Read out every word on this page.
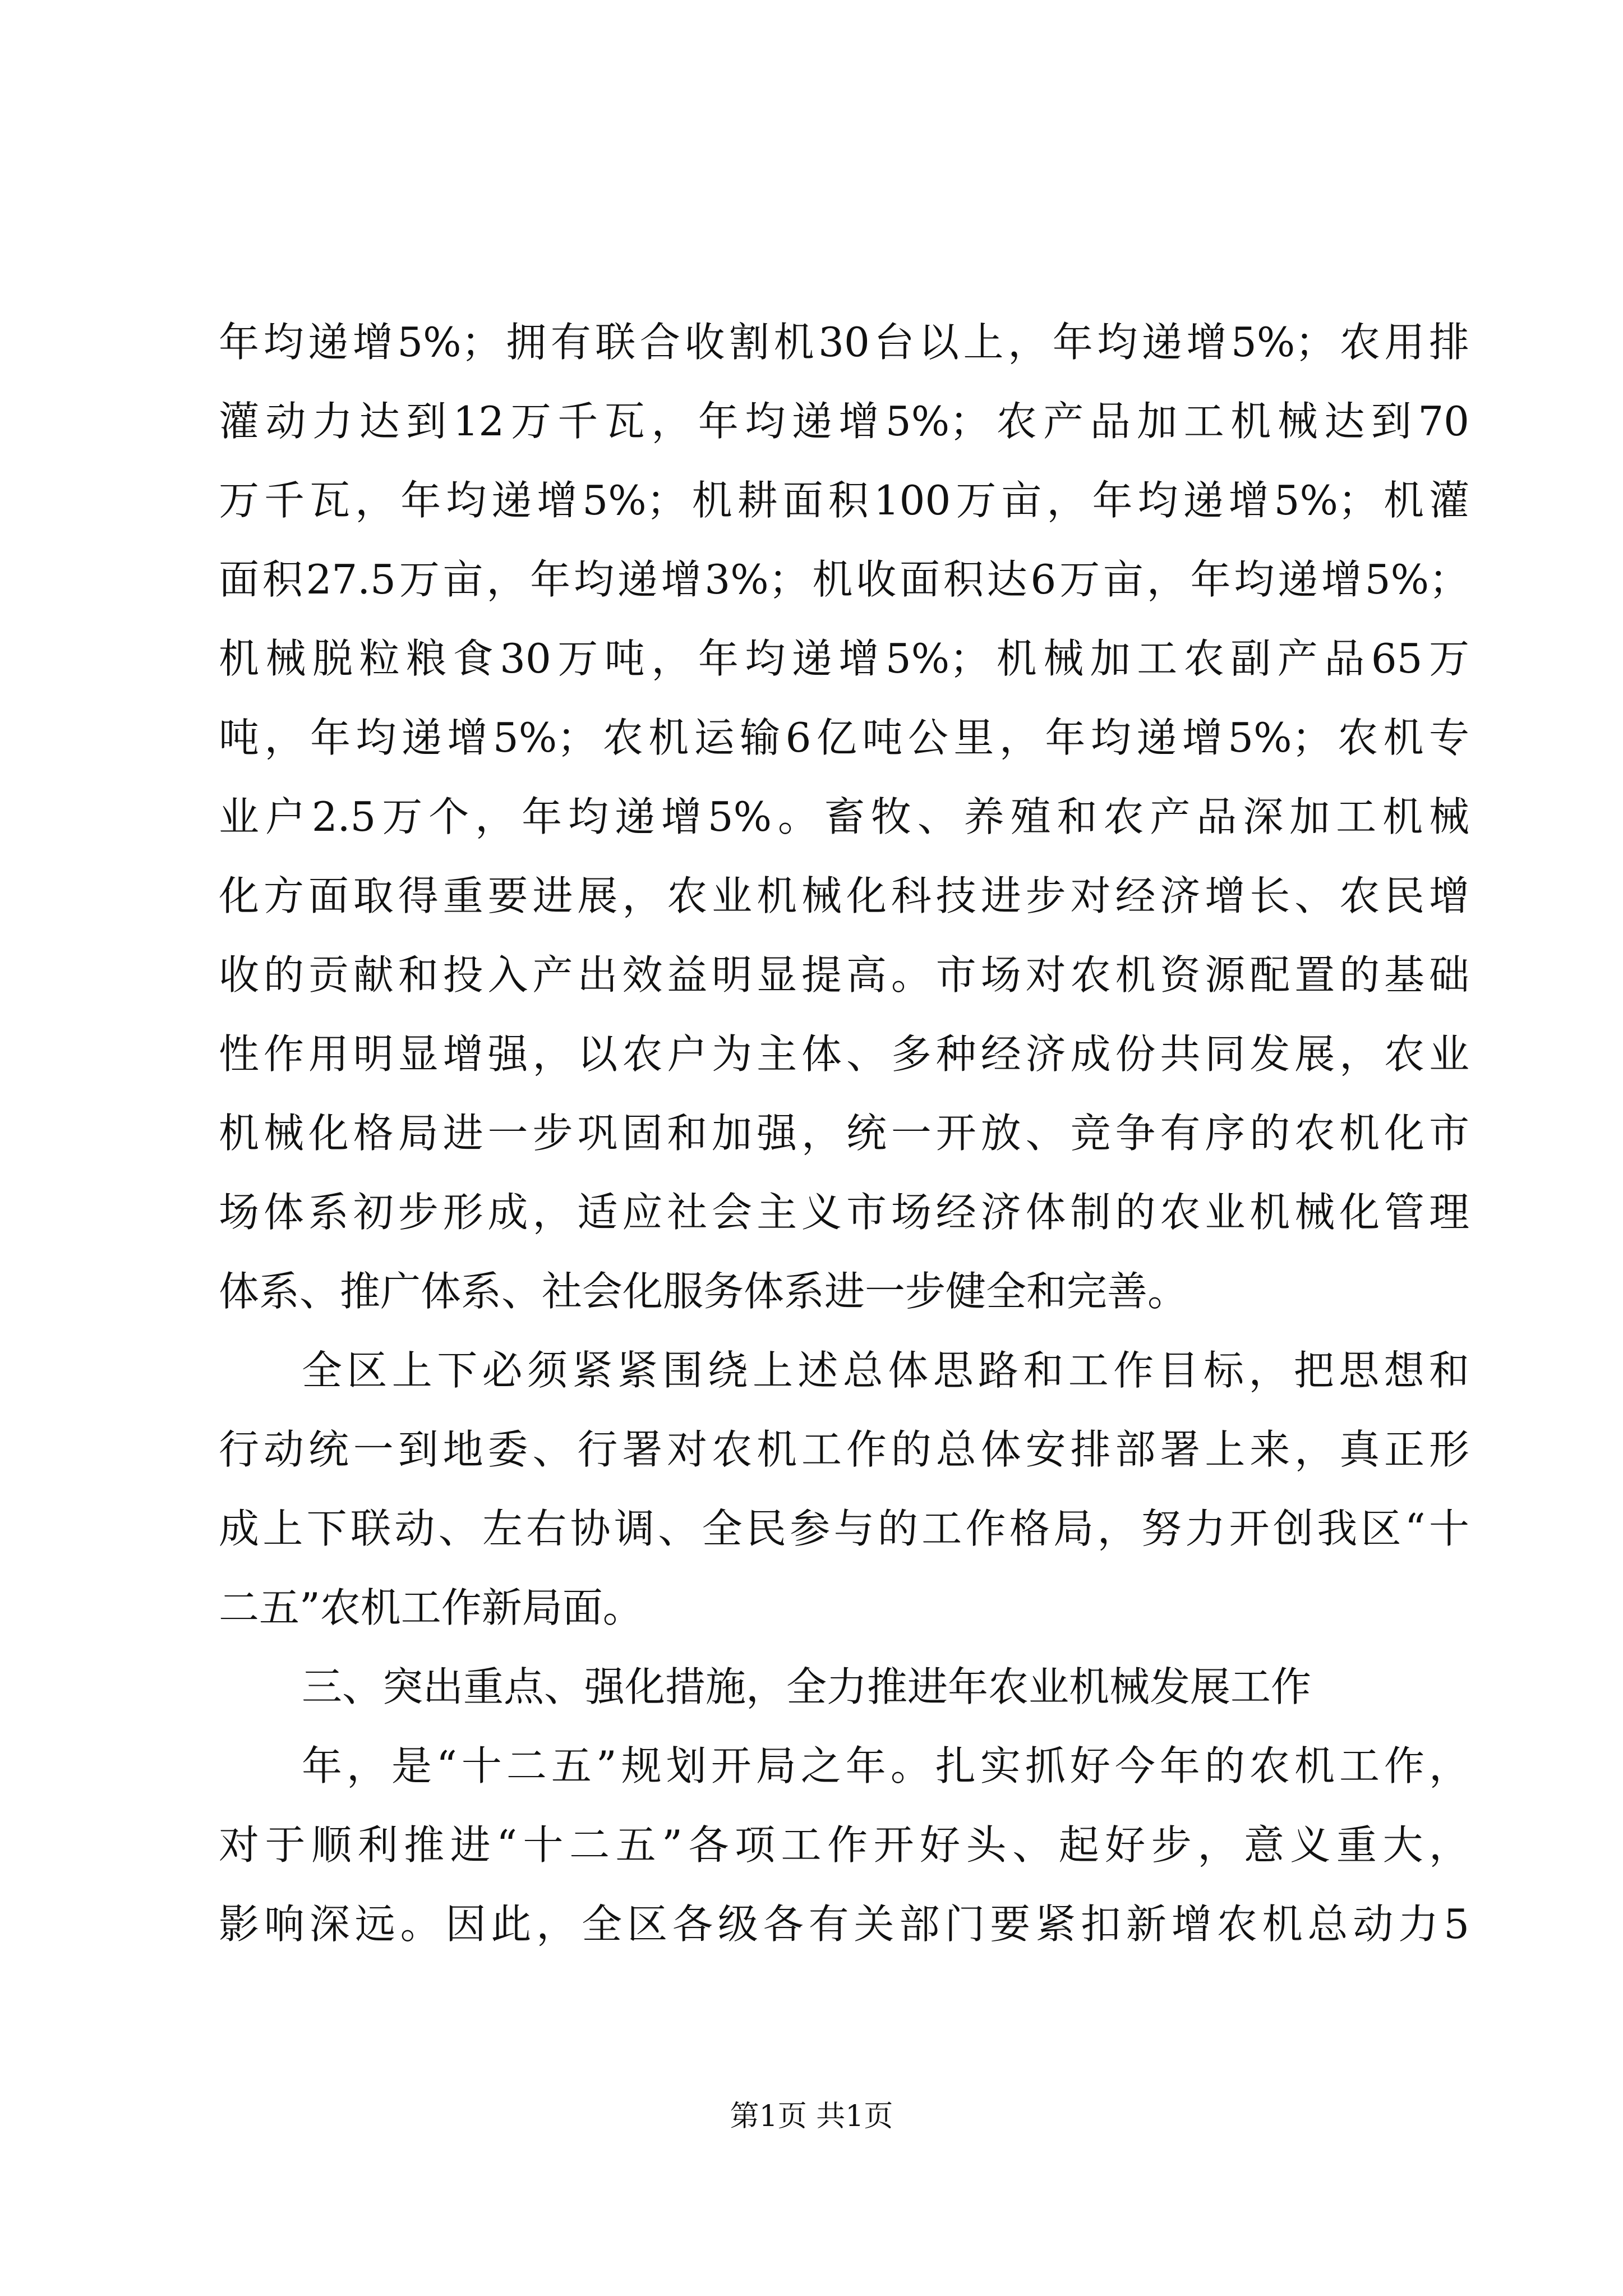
年均递增5%；拥有联合收割机30台以上，年均递增5%；农用排
灌动力达到12万千瓦，年均递增5%；农产品加工机械达到70
万千瓦，年均递增5%；机耕面积100万亩，年均递增5%；机灌
面积27.5万亩，年均递增3%；机收面积达6万亩，年均递增5%；
机械脱粒粮食30万吨，年均递增5%；机械加工农副产品65万
吨，年均递增5%；农机运输6亿吨公里，年均递增5%；农机专
业户2.5万个，年均递增5%。畜牧、养殖和农产品深加工机械
化方面取得重要进展，农业机械化科技进步对经济增长、农民增
收的贡献和投入产出效益明显提高。市场对农机资源配置的基础
性作用明显增强，以农户为主体、多种经济成份共同发展，农业
机械化格局进一步巩固和加强，统一开放、竞争有序的农机化市
场体系初步形成，适应社会主义市场经济体制的农业机械化管理
体系、推广体系、社会化服务体系进一步健全和完善。
全区上下必须紧紧围绕上述总体思路和工作目标，把思想和
行动统一到地委、行署对农机工作的总体安排部署上来，真正形
成上下联动、左右协调、全民参与的工作格局，努力开创我区“十
二五”农机工作新局面。
三、突出重点、强化措施，全力推进年农业机械发展工作
年，是“十二五”规划开局之年。扎实抓好今年的农机工作，
对于顺利推进“十二五”各项工作开好头、起好步，意义重大，
影响深远。因此，全区各级各有关部门要紧扣新增农机总动力5
第1页 共1页
